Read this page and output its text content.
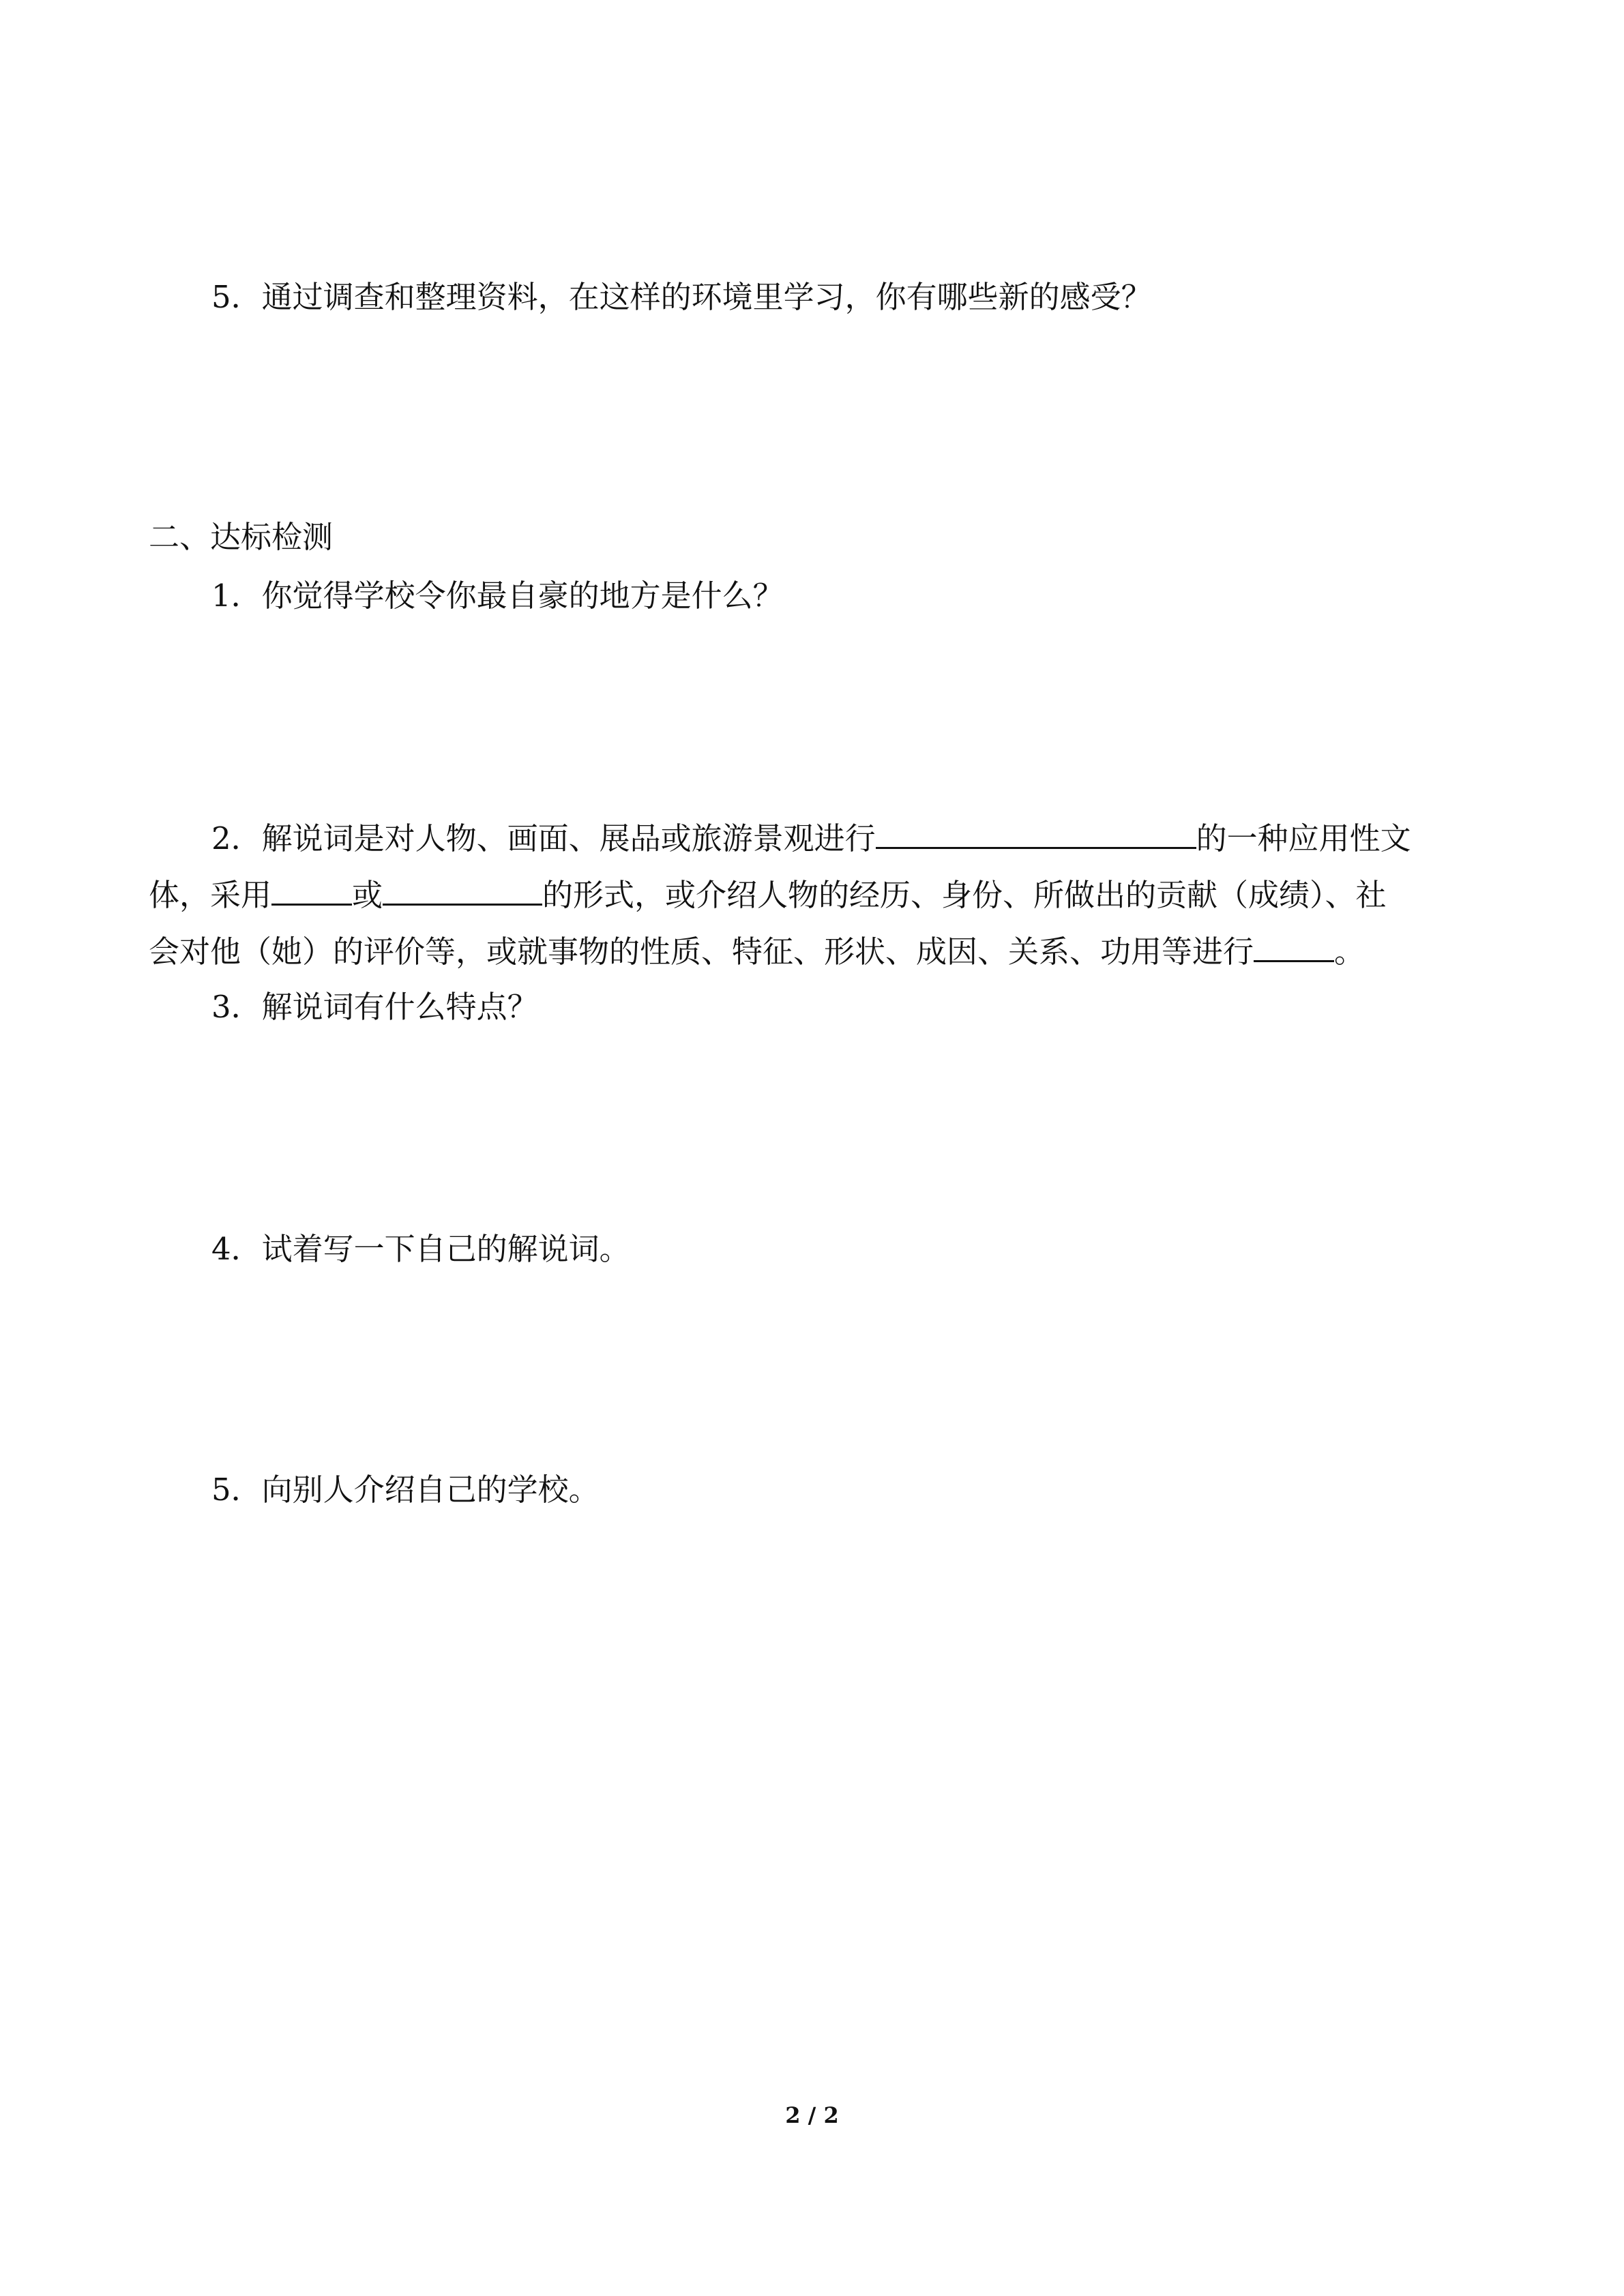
5．通过调查和整理资料，在这样的环境里学习，你有哪些新的感受？
二、达标检测
1．你觉得学校令你最自豪的地方是什么？
2．解说词是对人物、画面、展品或旅游景观进行	的一种应用性文
体，采用	或	的形式，或介绍人物的经历、身份、所做出的贡献（成绩）、社
会对他（她）的评价等，或就事物的性质、特征、形状、成因、关系、功用等进行	。
3．解说词有什么特点？
4．试着写一下自己的解说词。
5．向别人介绍自己的学校。
2 / 2
